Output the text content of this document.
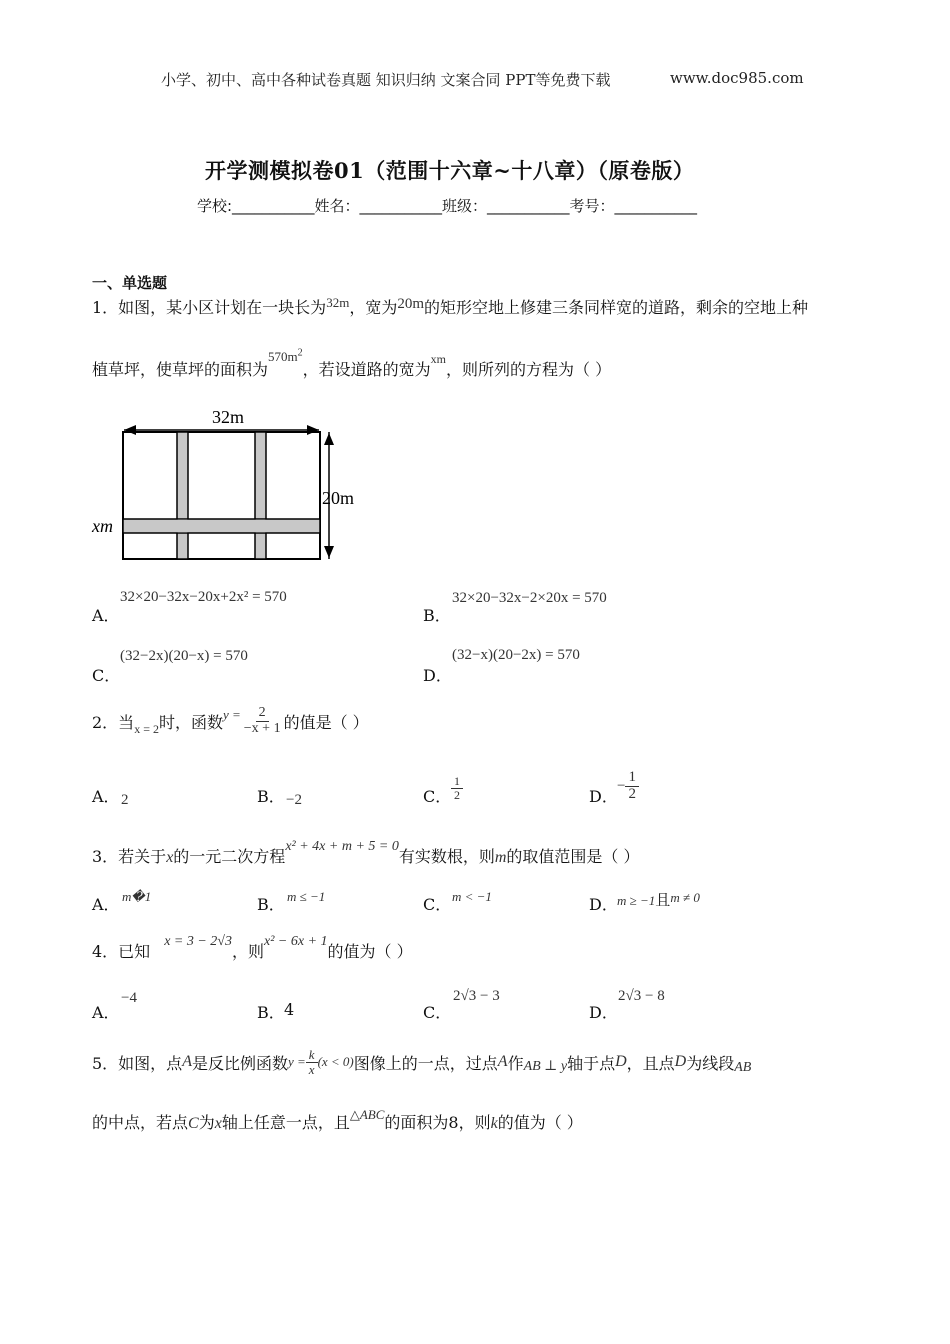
小学、初中、高中各种试卷真题 知识归纳 文案合同 PPT等免费下载	www.doc985.com
开学测模拟卷01（范围十六章~十八章）（原卷版）
学校:___________姓名：___________班级：___________考号：___________
一、单选题
1．如图，某小区计划在一块长为$^{32m}$，宽为20m的矩形空地上修建三条同样宽的道路，剩余的空地上种
植草坪，使草坪的面积为$^{570m^2}$，若设道路的宽为$^{xm}$，则所列的方程为（ ）
32m
20m
xm
A．
32×20−32x−20x+2x² = 570
B．
32×20−32x−2×20x = 570
C．
(32−2x)(20−x) = 570
D．
(32−x)(20−2x) = 570
2．当 x = 2 时，函数 $y = \frac{2}{-x + 1}$ 的值是（ ）
A． 2	B． −2	C． $\frac{1}{2}$	D．
− $\frac{1}{2}$
3．若关于x的一元二次方程x² + 4x + m + 5 = 0有实数根，则m的取值范围是（ ）
A． m�1	B． m ≤ −1	C． m < −1	D． m ≥ −1且m ≠ 0
4．已知x = 3 − 2√3，则x² − 6x + 1的值为（ ）
A．
−4
B． 4	C．
2√3 − 3
D．
2√3 − 8
5．如图，点 A 是反比例函数 $y = \frac{k}{x} (x < 0)$ 图像上的一点，过点 A 作 AB ⊥ y 轴于点 D ，且点 D 为线段 AB
的中点，若点C为x轴上任意一点，且$^{\triangle ABC}$的面积为8，则k的值为（ ）
